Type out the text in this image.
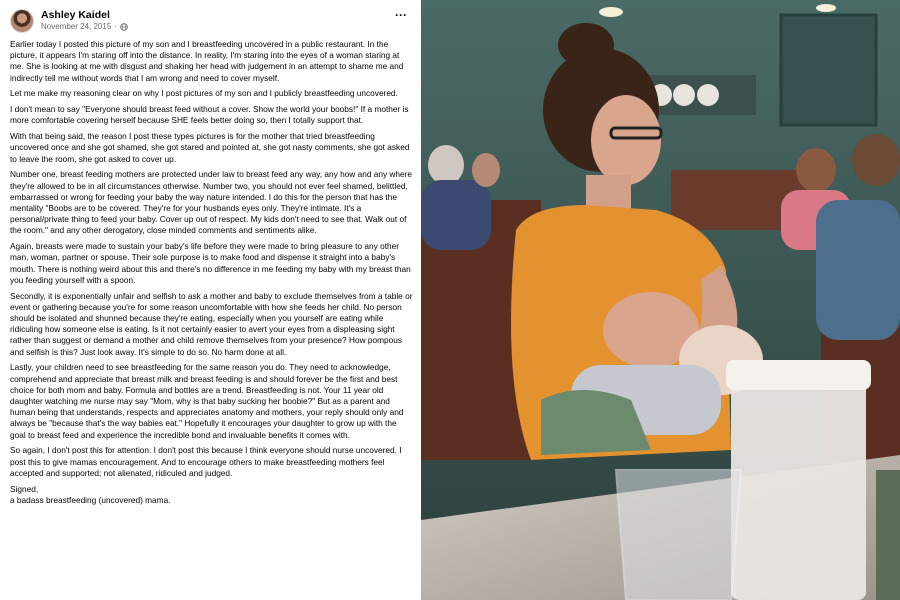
Ashley Kaidel
November 24, 2015 ·
···

Earlier today I posted this picture of my son and I breastfeeding uncovered in a public restaurant. In the picture, it appears I'm staring off into the distance. In reality, I'm staring into the eyes of a woman staring at me. She is looking at me with disgust and shaking her head with judgement in an attempt to shame me and indirectly tell me without words that I am wrong and need to cover myself.

Let me make my reasoning clear on why I post pictures of my son and I publicly breastfeeding uncovered.

I don't mean to say "Everyone should breast feed without a cover. Show the world your boobs!" If a mother is more comfortable covering herself because SHE feels better doing so, then I totally support that.

With that being said, the reason I post these types pictures is for the mother that tried breastfeeding uncovered once and she got shamed, she got stared and pointed at, she got nasty comments, she got asked to leave the room, she got asked to cover up.

Number one, breast feeding mothers are protected under law to breast feed any way, any how and any where they're allowed to be in all circumstances otherwise. Number two, you should not ever feel shamed, belittled, embarrassed or wrong for feeding your baby the way nature intended. I do this for the person that has the mentality "Boobs are to be covered. They're for your husbands eyes only. They're intimate. It's a personal/private thing to feed your baby. Cover up out of respect. My kids don't need to see that. Walk out of the room." and any other derogatory, close minded comments and sentiments alike.

Again, breasts were made to sustain your baby's life before they were made to bring pleasure to any other man, woman, partner or spouse. Their sole purpose is to make food and dispense it straight into a baby's mouth. There is nothing weird about this and there's no difference in me feeding my baby with my breast than you feeding yourself with a spoon.

Secondly, it is exponentially unfair and selfish to ask a mother and baby to exclude themselves from a table or event or gathering because you're for some reason uncomfortable with how she feeds her child. No person should be isolated and shunned because they're eating, especially when you yourself are eating while ridiculing how someone else is eating. Is it not certainly easier to avert your eyes from a displeasing sight rather than suggest or demand a mother and child remove themselves from your presence? How pompous and selfish is this? Just look away. It's simple to do so. No harm done at all.

Lastly, your children need to see breastfeeding for the same reason you do. They need to acknowledge, comprehend and appreciate that breast milk and breast feeding is and should forever be the first and best choice for both mom and baby. Formula and bottles are a trend. Breastfeeding is not. Your 11 year old daughter watching me nurse may say "Mom, why is that baby sucking her boobie?" But as a parent and human being that understands, respects and appreciates anatomy and mothers, your reply should only and always be "because that's the way babies eat." Hopefully it encourages your daughter to grow up with the goal to breast feed and experience the incredible bond and invaluable benefits it comes with.

So again, I don't post this for attention. I don't post this because I think everyone should nurse uncovered. I post this to give mamas encouragement. And to encourage others to make breastfeeding mothers feel accepted and supported; not alienated, ridiculed and judged.

Signed,
a badass breastfeeding (uncovered) mama.
